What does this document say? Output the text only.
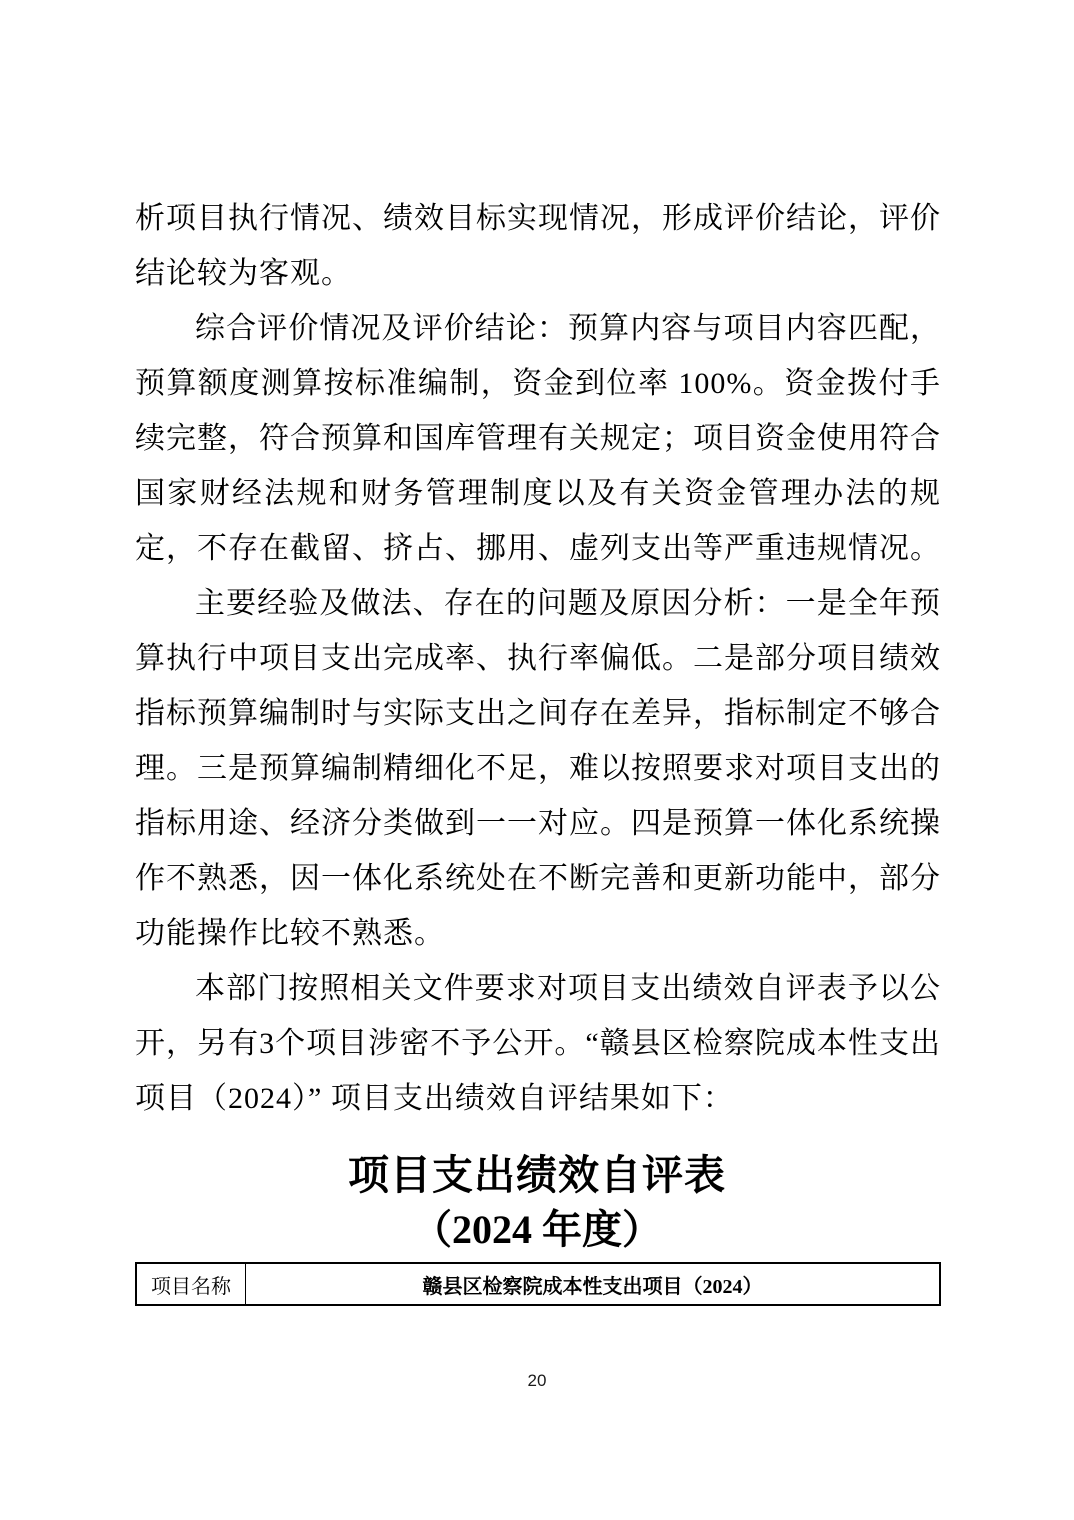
析项目执行情况、绩效目标实现情况，形成评价结论，评价结论较为客观。

综合评价情况及评价结论：预算内容与项目内容匹配，预算额度测算按标准编制，资金到位率 100%。资金拨付手续完整，符合预算和国库管理有关规定；项目资金使用符合国家财经法规和财务管理制度以及有关资金管理办法的规定，不存在截留、挤占、挪用、虚列支出等严重违规情况。

主要经验及做法、存在的问题及原因分析：一是全年预算执行中项目支出完成率、执行率偏低。二是部分项目绩效指标预算编制时与实际支出之间存在差异，指标制定不够合理。三是预算编制精细化不足，难以按照要求对项目支出的指标用途、经济分类做到一一对应。四是预算一体化系统操作不熟悉，因一体化系统处在不断完善和更新功能中，部分功能操作比较不熟悉。

本部门按照相关文件要求对项目支出绩效自评表予以公开，另有3个项目涉密不予公开。“赣县区检察院成本性支出项目（2024）” 项目支出绩效自评结果如下：

项目支出绩效自评表
（2024 年度）
项目名称	赣县区检察院成本性支出项目（2024）
20
